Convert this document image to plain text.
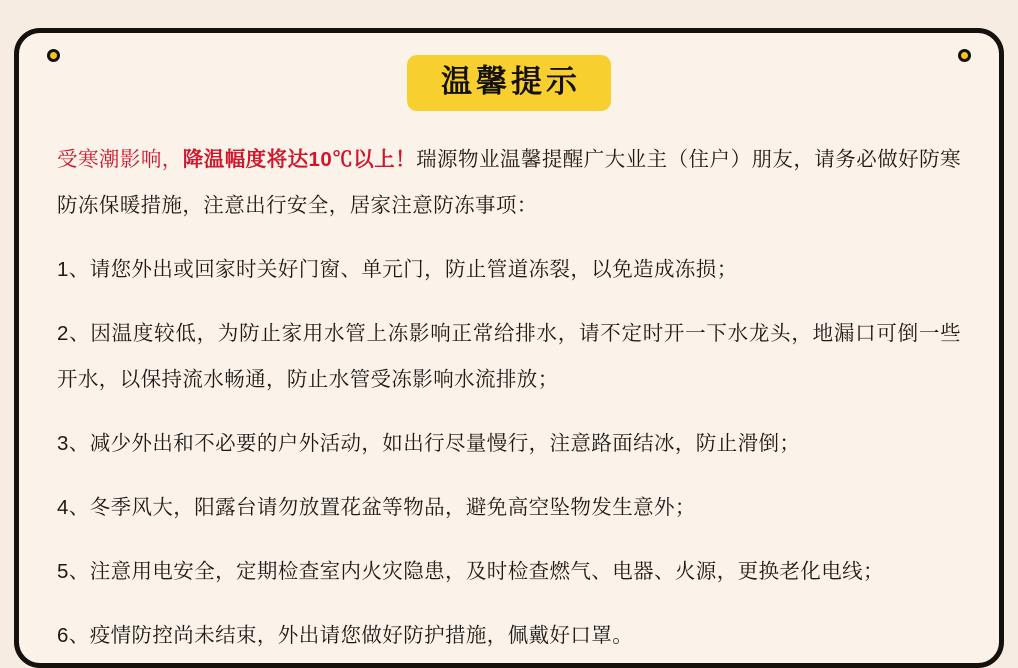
温馨提示
受寒潮影响，降温幅度将达10℃以上！瑞源物业温馨提醒广大业主（住户）朋友，请务必做好防寒防冻保暖措施，注意出行安全，居家注意防冻事项：
1、请您外出或回家时关好门窗、单元门，防止管道冻裂，以免造成冻损；
2、因温度较低，为防止家用水管上冻影响正常给排水，请不定时开一下水龙头，地漏口可倒一些开水，以保持流水畅通，防止水管受冻影响水流排放；
3、减少外出和不必要的户外活动，如出行尽量慢行，注意路面结冰，防止滑倒；
4、冬季风大，阳露台请勿放置花盆等物品，避免高空坠物发生意外；
5、注意用电安全，定期检查室内火灾隐患，及时检查燃气、电器、火源，更换老化电线；
6、疫情防控尚未结束，外出请您做好防护措施，佩戴好口罩。
